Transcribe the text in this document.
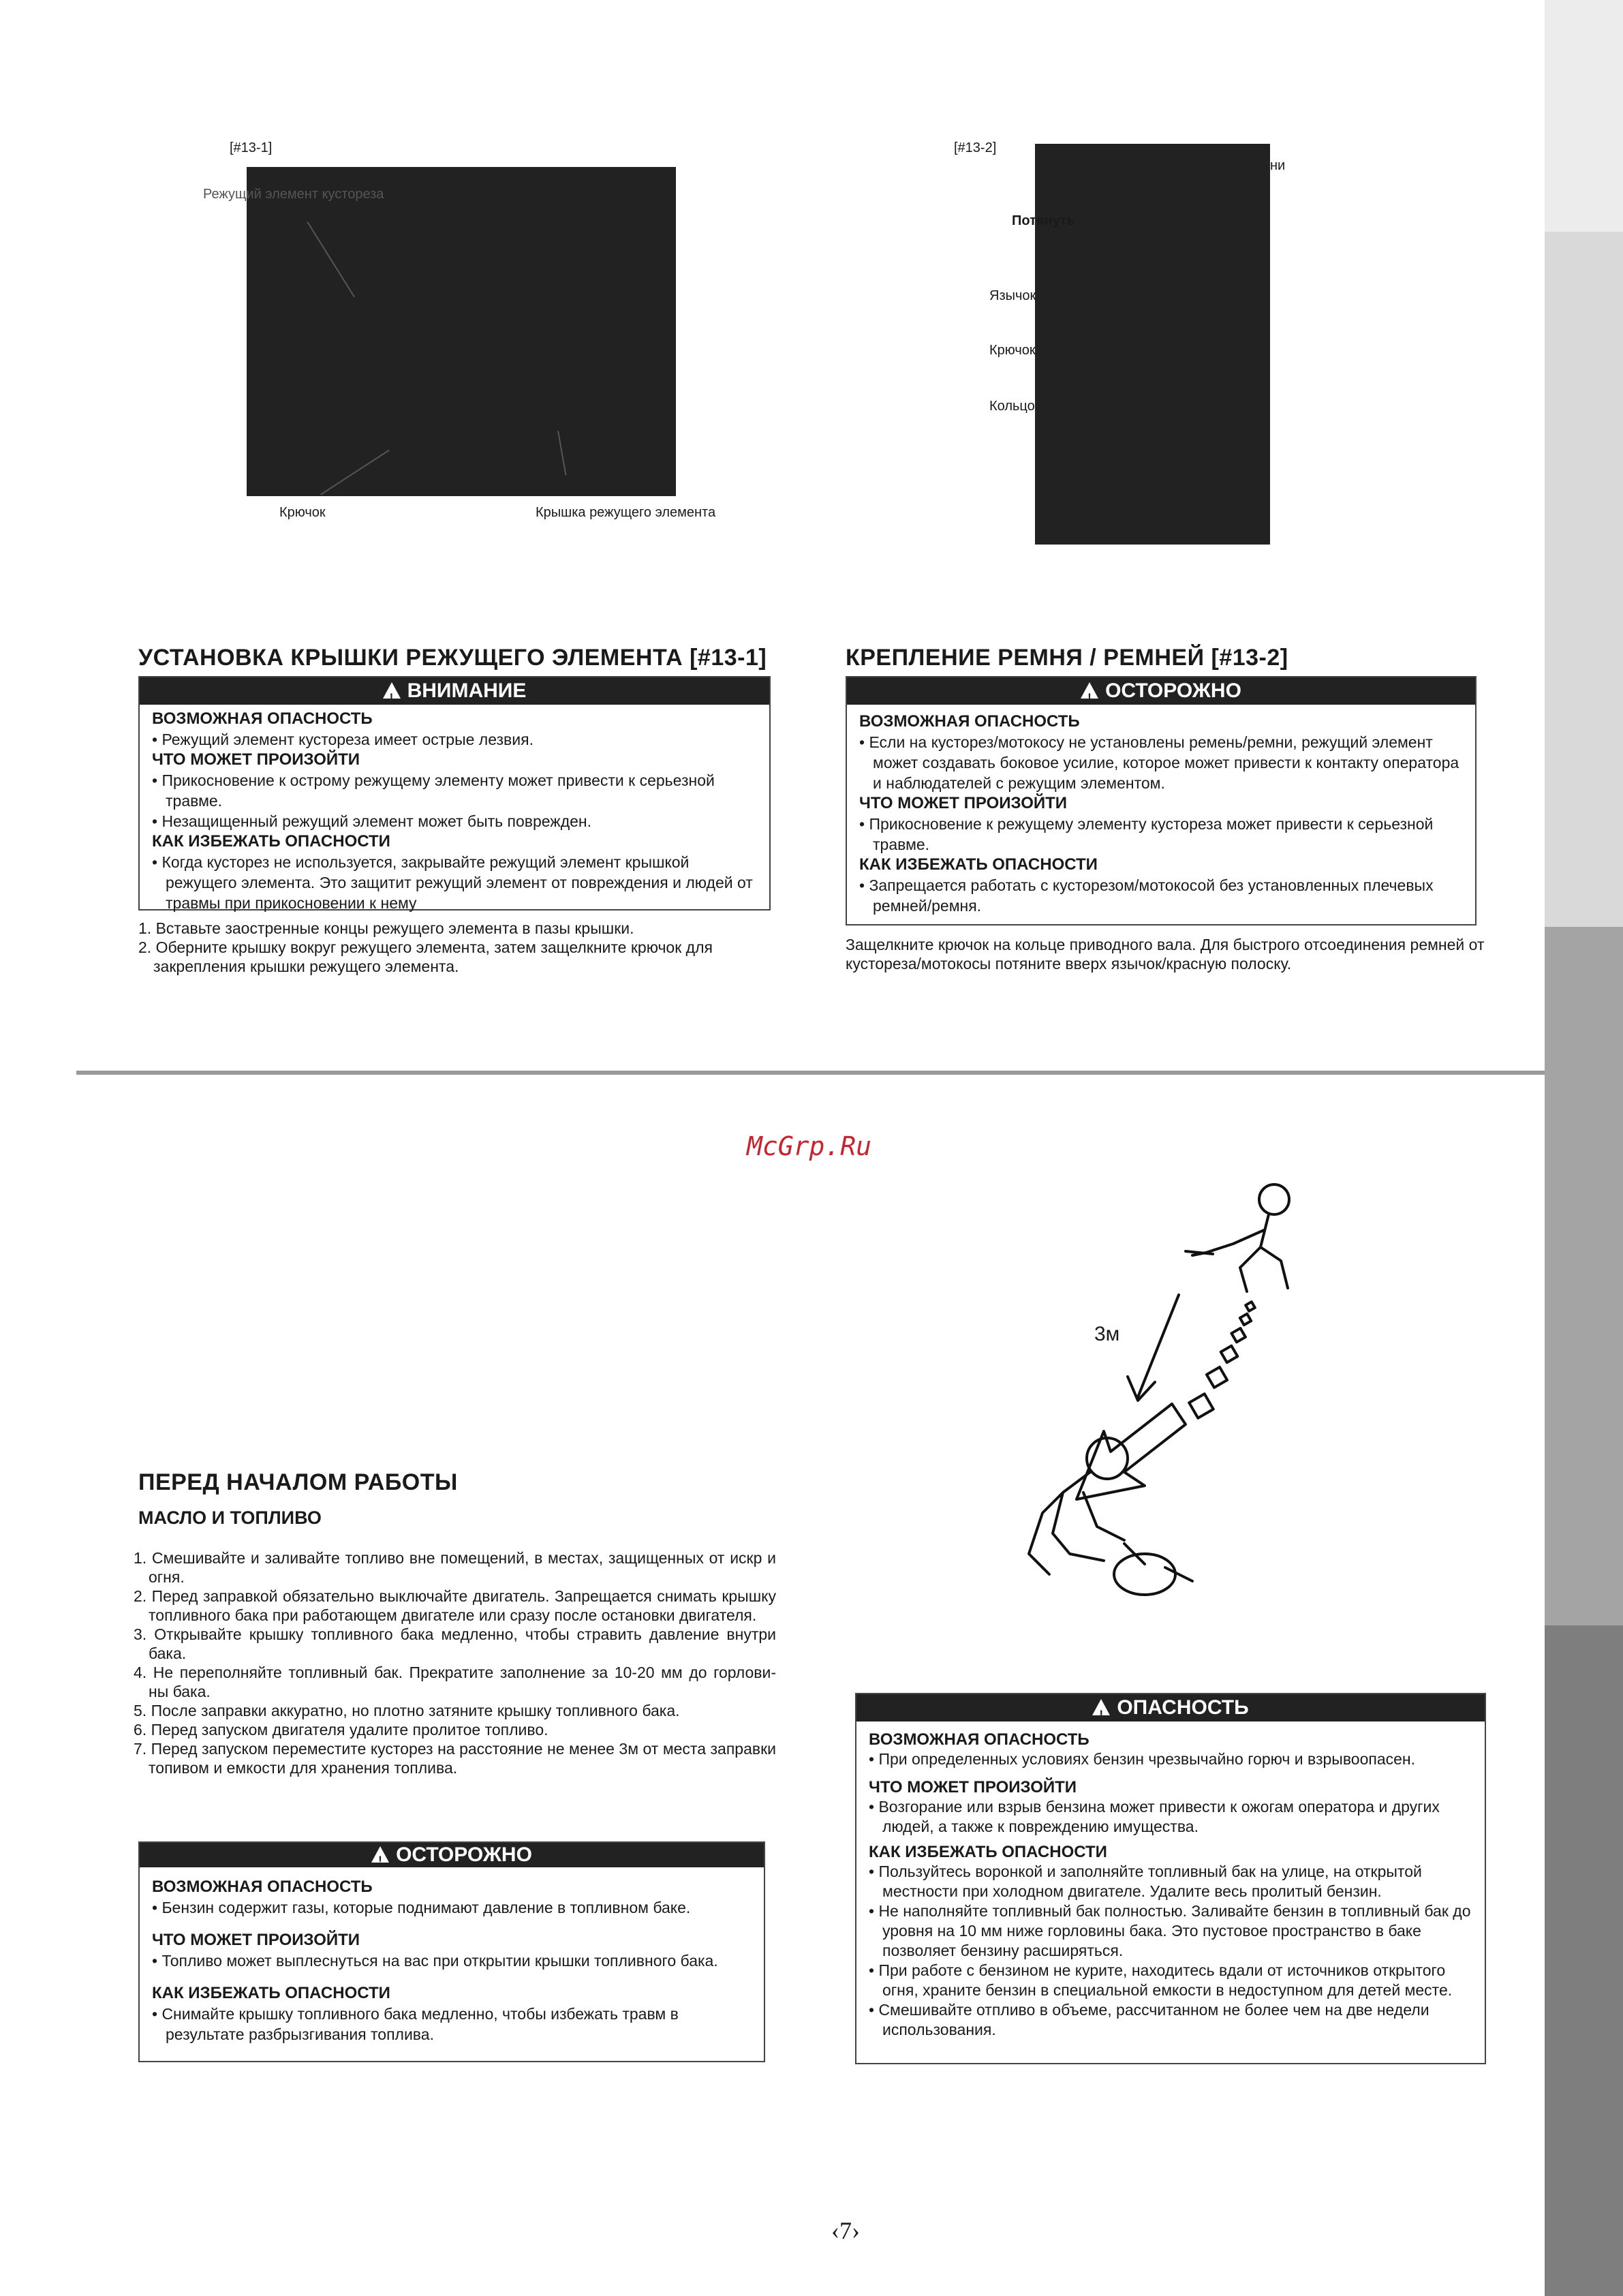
[#13-1]
Режущий элемент кустореза
Крючок	Крышка режущего элемента
[#13-2]
ни
Потянуть
Язычок
Крючок
Кольцо
УСТАНОВКА КРЫШКИ РЕЖУЩЕГО ЭЛЕМЕНТА [#13-1]
!ВНИМАНИЕ
ВОЗМОЖНАЯ ОПАСНОСТЬ
• Режущий элемент кустореза имеет острые лезвия.
ЧТО МОЖЕТ ПРОИЗОЙТИ
• Прикосновение к острому режущему элементу может привести к серьезной травме.
• Незащищенный режущий элемент может быть поврежден.
КАК ИЗБЕЖАТЬ ОПАСНОСТИ
• Когда кусторез не используется, закрывайте режущий элемент крышкой режущего элемента. Это защитит режущий элемент от повреждения и людей от травмы при прикосновении к нему
1. Вставьте заостренные концы режущего элемента в пазы крышки.
2. Оберните крышку вокруг режущего элемента, затем защелкните крючок для закрепления крышки режущего элемента.
КРЕПЛЕНИЕ РЕМНЯ / РЕМНЕЙ [#13-2]
!ОСТОРОЖНО
ВОЗМОЖНАЯ ОПАСНОСТЬ
• Если на кусторез/мотокосу не установлены ремень/ремни, режущий элемент может создавать боковое усилие, которое может привести к контакту оператора и наблюдателей с режущим элементом.
ЧТО МОЖЕТ ПРОИЗОЙТИ
• Прикосновение к режущему элементу кустореза может привести к серьезной травме.
КАК ИЗБЕЖАТЬ ОПАСНОСТИ
• Запрещается работать с кусторезом/мотокосой без установленных плечевых ремней/ремня.
Защелкните крючок на кольце приводного вала. Для быстрого отсоединения ремней от кустореза/мотокосы потяните вверх язычок/красную полоску.
McGrp.Ru
3м
ПЕРЕД НАЧАЛОМ РАБОТЫ
МАСЛО И ТОПЛИВО
1. Смешивайте и заливайте топливо вне помещений, в местах, защищенных от искр и огня.
2. Перед заправкой обязательно выключайте двигатель. Запрещается снимать крышку топливного бака при работающем двигателе или сразу после остановки двигателя.
3. Открывайте крышку топливного бака медленно, чтобы стравить давление внутри бака.
4. Не переполняйте топливный бак. Прекратите заполнение за 10-20 мм до горлови- ны бака.
5. После заправки аккуратно, но плотно затяните крышку топливного бака.
6. Перед запуском двигателя удалите пролитое топливо.
7. Перед запуском переместите кусторез на расстояние не менее 3м от места заправки топивом и емкости для хранения топлива.
!ОСТОРОЖНО
ВОЗМОЖНАЯ ОПАСНОСТЬ
• Бензин содержит газы, которые поднимают давление в топливном баке.
ЧТО МОЖЕТ ПРОИЗОЙТИ
• Топливо может выплеснуться на вас при открытии крышки топливного бака.
КАК ИЗБЕЖАТЬ ОПАСНОСТИ
• Снимайте крышку топливного бака медленно, чтобы избежать травм в результате разбрызгивания топлива.
!ОПАСНОСТЬ
ВОЗМОЖНАЯ ОПАСНОСТЬ
• При определенных условиях бензин чрезвычайно горюч и взрывоопасен.
ЧТО МОЖЕТ ПРОИЗОЙТИ
• Возгорание или взрыв бензина может привести к ожогам оператора и других людей, а также к повреждению имущества.
КАК ИЗБЕЖАТЬ ОПАСНОСТИ
• Пользуйтесь воронкой и заполняйте топливный бак на улице, на открытой местности при холодном двигателе. Удалите весь пролитый бензин.
• Не наполняйте топливный бак полностью. Заливайте бензин в топливный бак до уровня на 10 мм ниже горловины бака. Это пустовое пространство в баке позволяет бензину расширяться.
• При работе с бензином не курите, находитесь вдали от источников открытого огня, храните бензин в специальной емкости в недоступном для детей месте.
• Смешивайте отпливо в объеме, рассчитанном не более чем на две недели использования.
‹7›
